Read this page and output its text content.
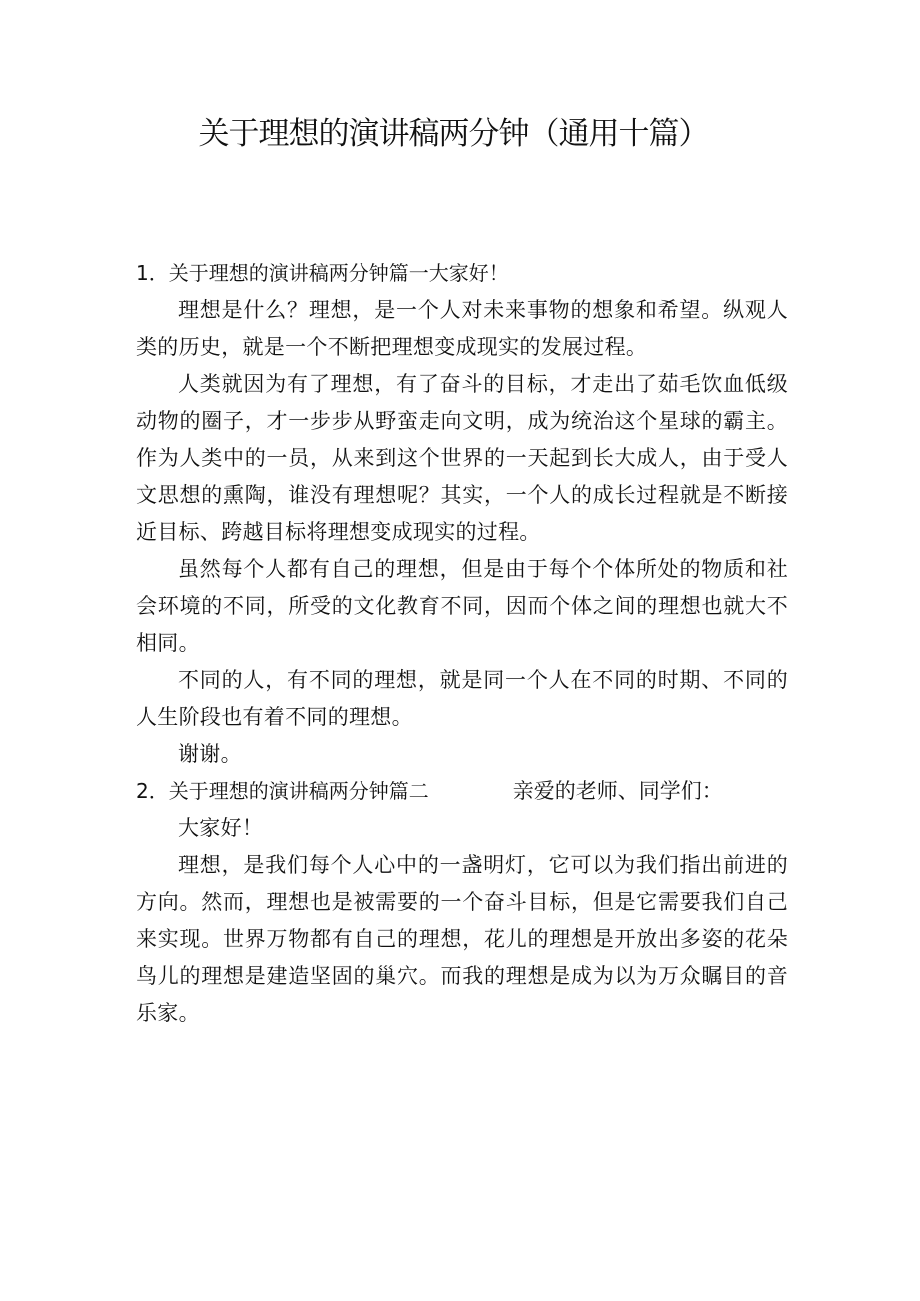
关于理想的演讲稿两分钟（通用十篇）

1．关于理想的演讲稿两分钟篇一大家好！

理想是什么？理想，是一个人对未来事物的想象和希望。纵观人类的历史，就是一个不断把理想变成现实的发展过程。

人类就因为有了理想，有了奋斗的目标，才走出了茹毛饮血低级动物的圈子，才一步步从野蛮走向文明，成为统治这个星球的霸主。作为人类中的一员，从来到这个世界的一天起到长大成人，由于受人文思想的熏陶，谁没有理想呢？其实，一个人的成长过程就是不断接近目标、跨越目标将理想变成现实的过程。

虽然每个人都有自己的理想，但是由于每个个体所处的物质和社会环境的不同，所受的文化教育不同，因而个体之间的理想也就大不相同。

不同的人，有不同的理想，就是同一个人在不同的时期、不同的人生阶段也有着不同的理想。

谢谢。

2．关于理想的演讲稿两分钟篇二	亲爱的老师、同学们：

大家好！

理想，是我们每个人心中的一盏明灯，它可以为我们指出前进的方向。然而，理想也是被需要的一个奋斗目标，但是它需要我们自己来实现。世界万物都有自己的理想，花儿的理想是开放出多姿的花朵鸟儿的理想是建造坚固的巢穴。而我的理想是成为以为万众瞩目的音乐家。
